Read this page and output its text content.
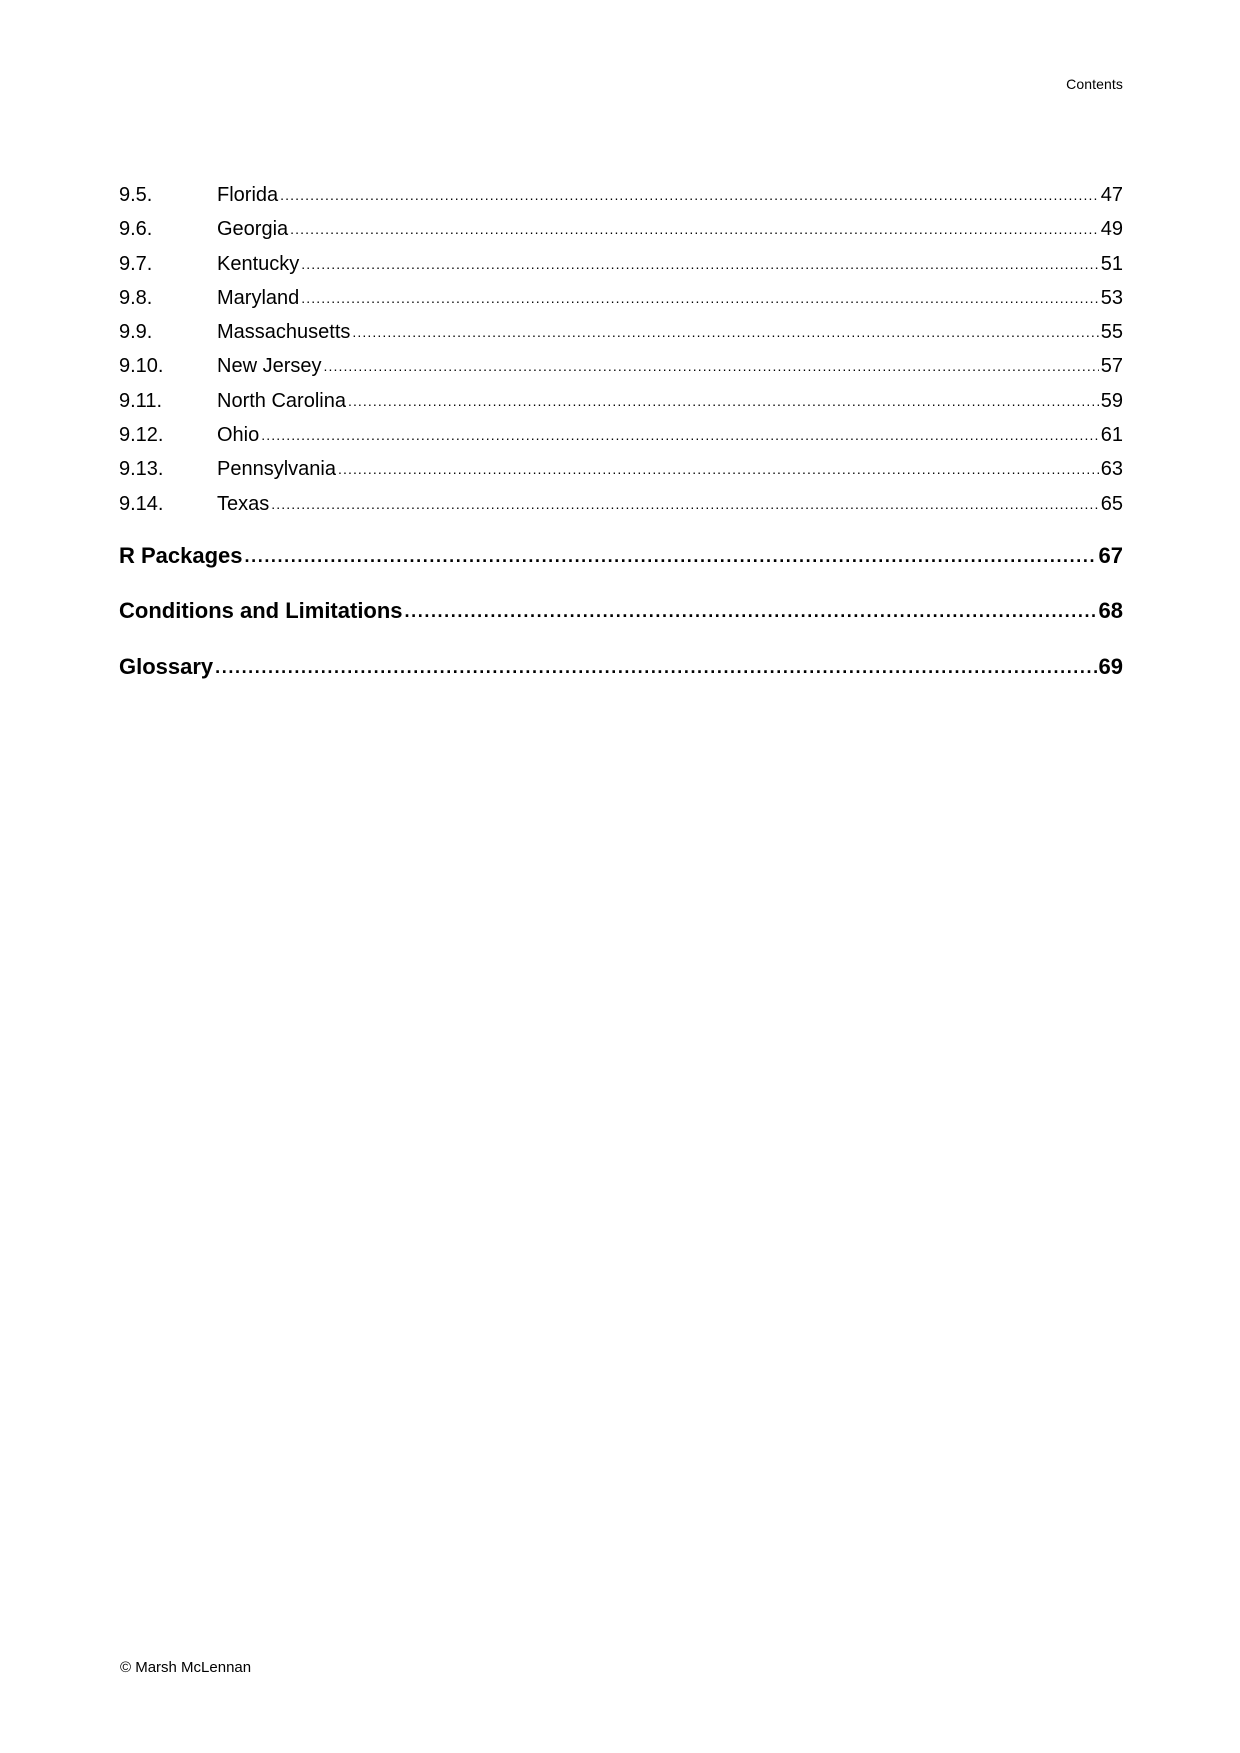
Contents
9.5.	Florida .....	47
9.6.	Georgia .....	49
9.7.	Kentucky .....	51
9.8.	Maryland .....	53
9.9.	Massachusetts .....	55
9.10.	New Jersey .....	57
9.11.	North Carolina .....	59
9.12.	Ohio .....	61
9.13.	Pennsylvania .....	63
9.14.	Texas .....	65
R Packages .....	67
Conditions and Limitations .....	68
Glossary .....	69
© Marsh McLennan
